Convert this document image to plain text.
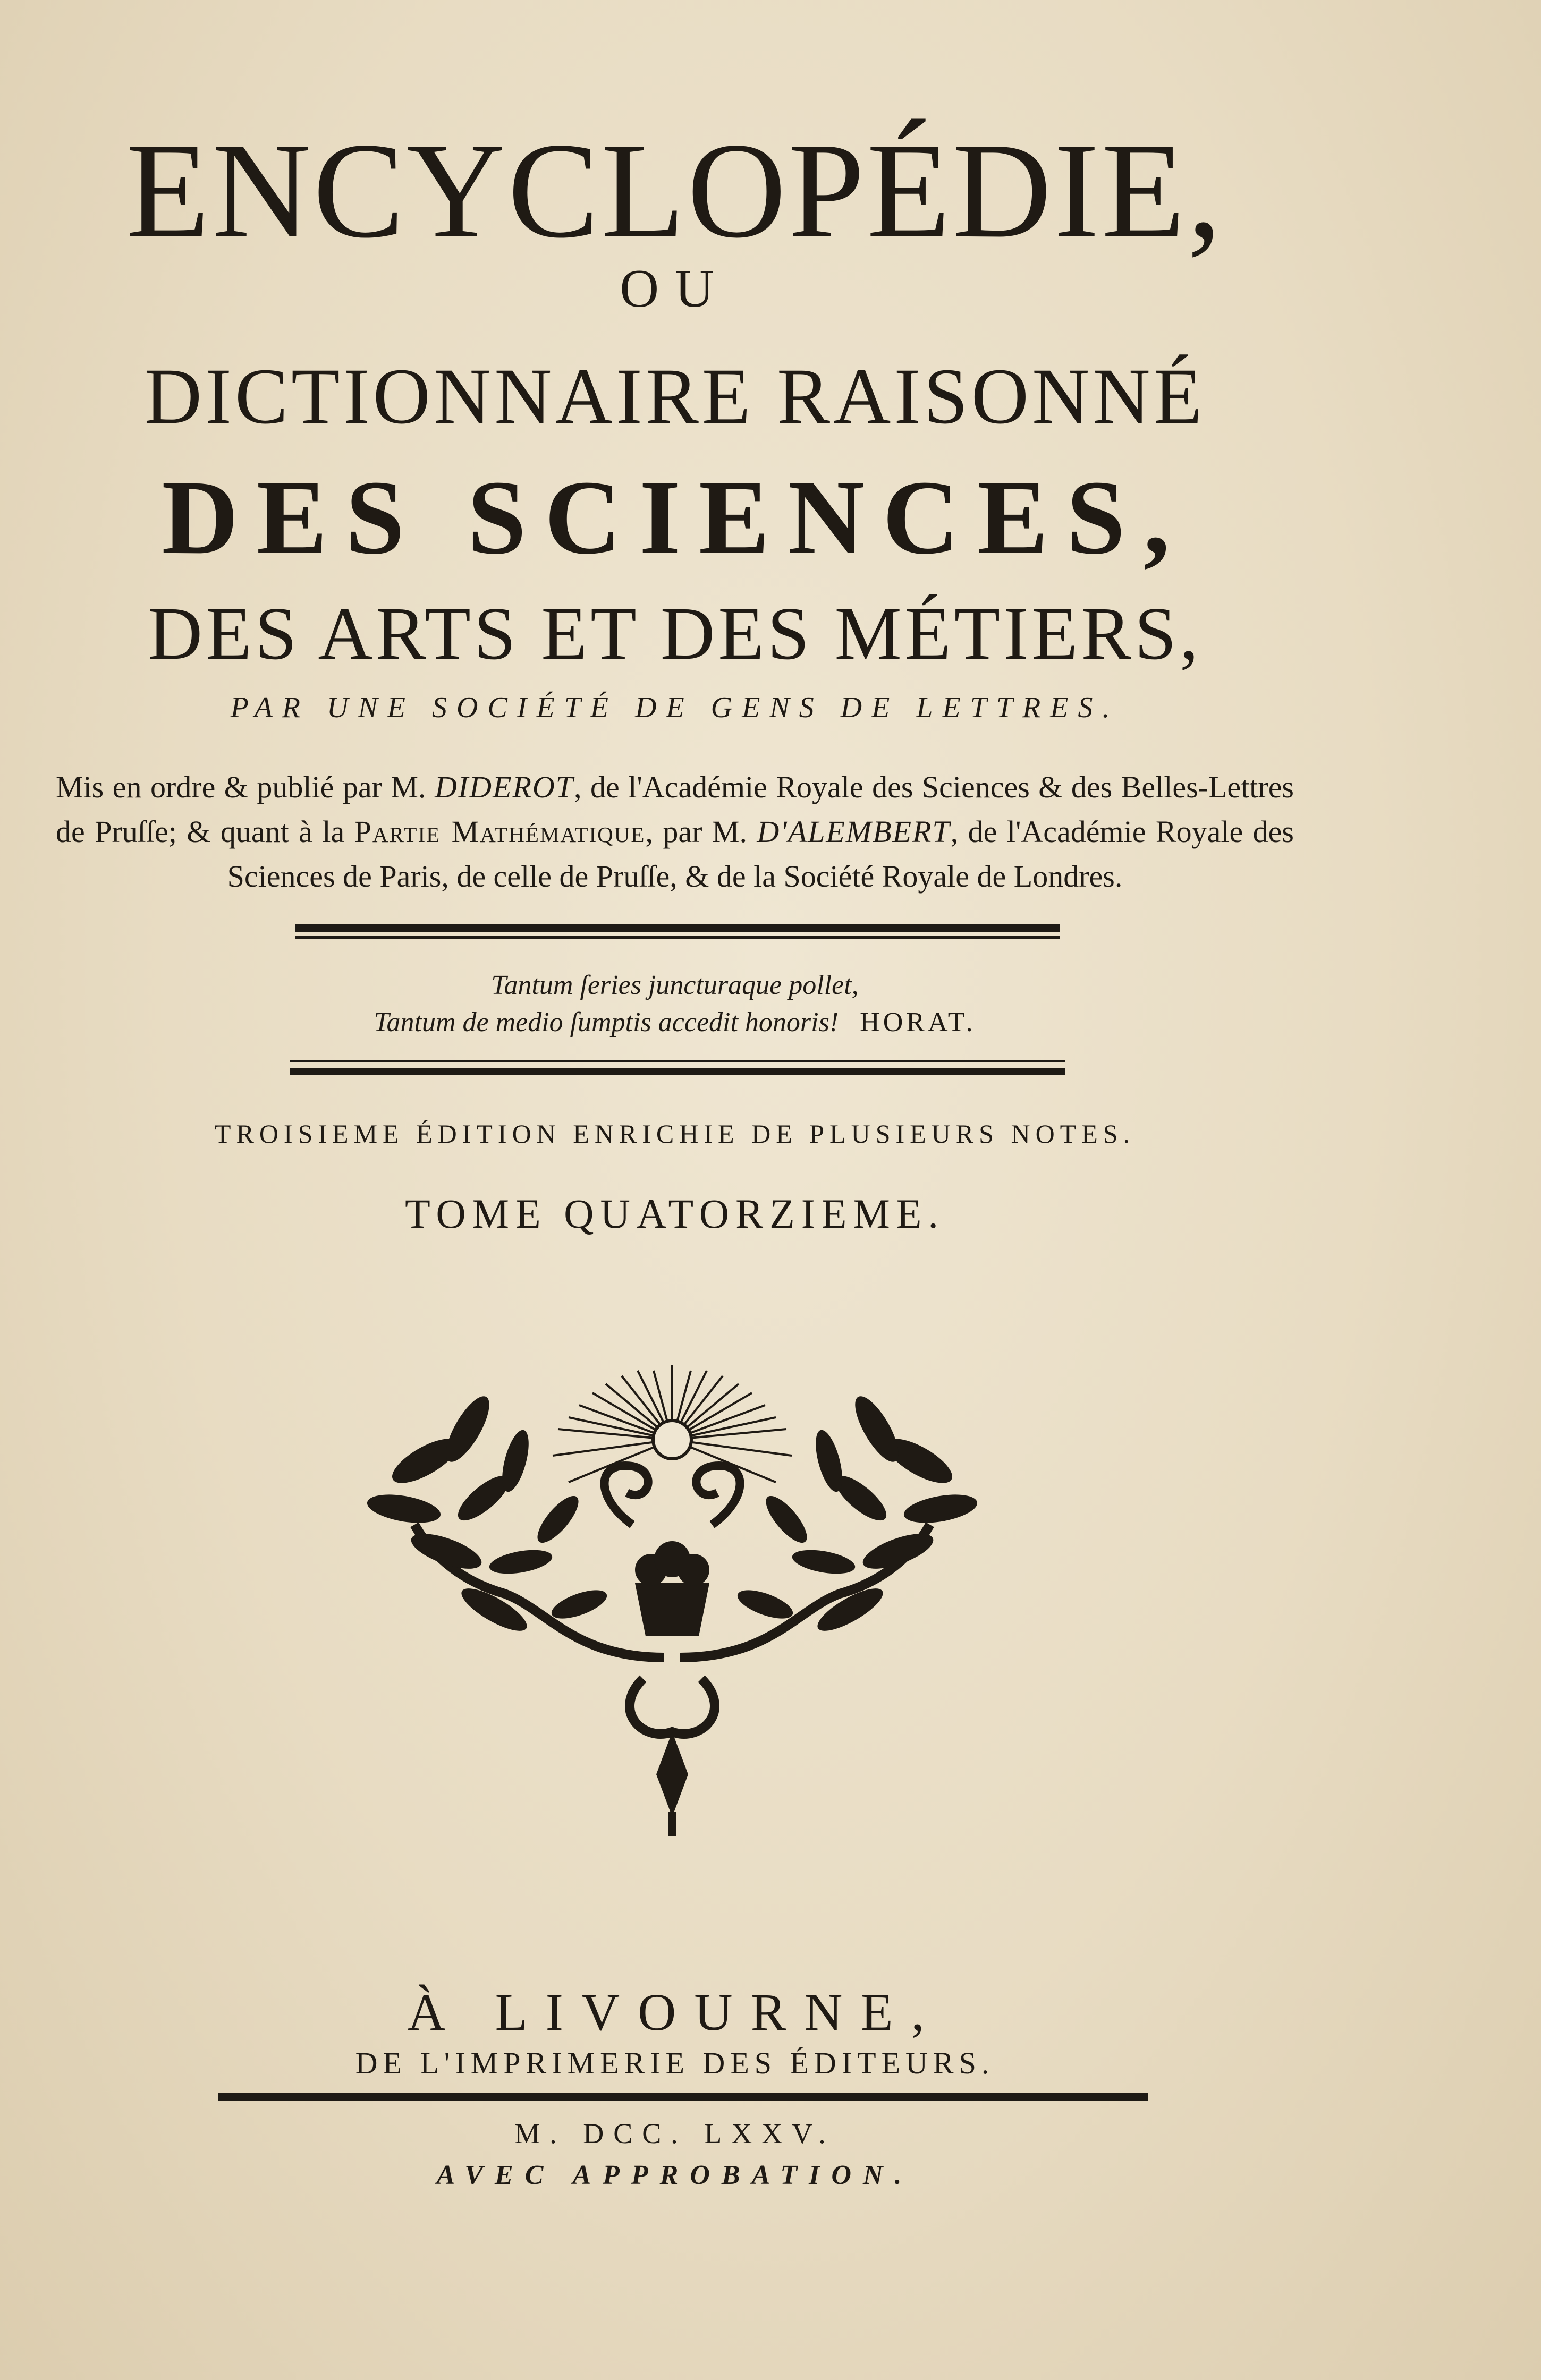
ENCYCLOPÉDIE,
OU
DICTIONNAIRE RAISONNÉ
DES SCIENCES,
DES ARTS ET DES MÉTIERS,
PAR UNE SOCIÉTÉ DE GENS DE LETTRES.
Mis en ordre & publié par M. DIDEROT, de l'Académie Royale des Sciences & des Belles-Lettres de Pruſſe; & quant à la Partie Mathématique, par M. D'ALEMBERT, de l'Académie Royale des Sciences de Paris, de celle de Pruſſe, & de la Société Royale de Londres.
Tantum ſeries juncturaque pollet,
Tantum de medio ſumptis accedit honoris! HORAT.
TROISIEME ÉDITION ENRICHIE DE PLUSIEURS NOTES.
TOME QUATORZIEME.
À LIVOURNE,
DE L'IMPRIMERIE DES ÉDITEURS.
M. DCC. LXXV.
AVEC APPROBATION.
